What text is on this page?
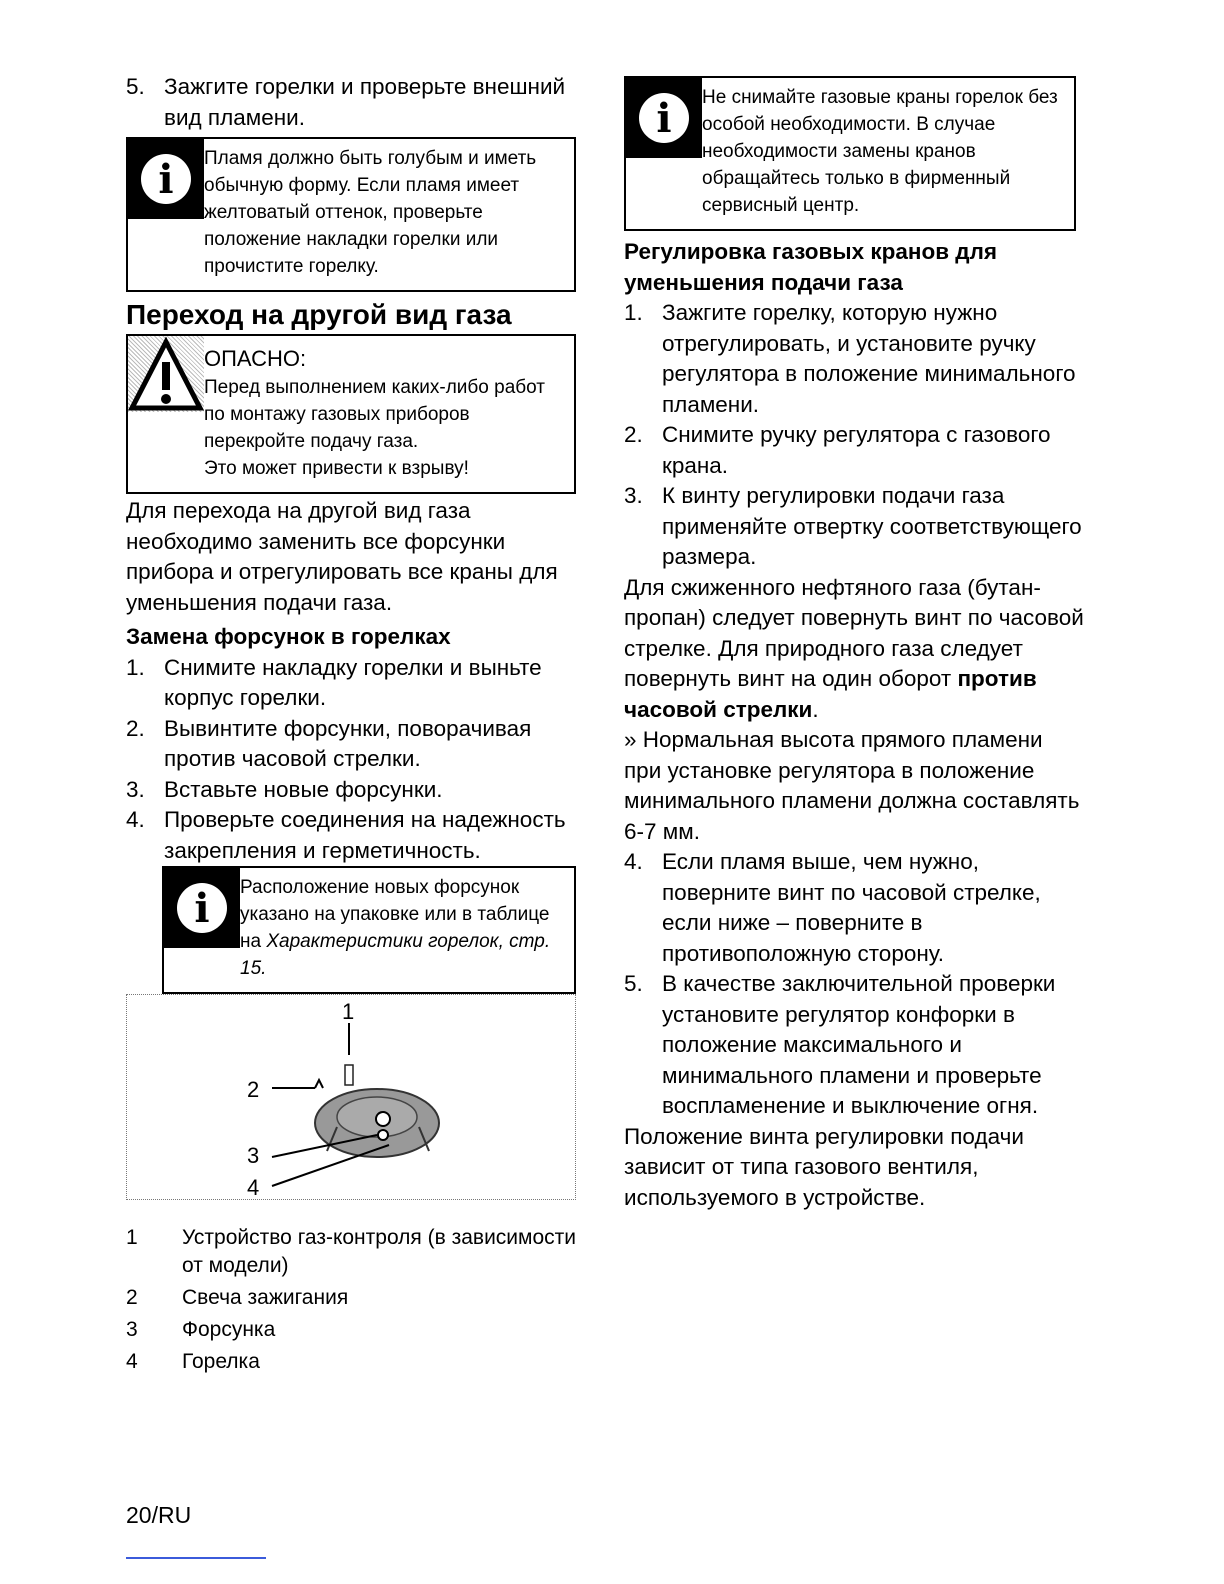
5. Зажгите горелки и проверьте внешний вид пламени.
i	Пламя должно быть голубым и иметь обычную форму. Если пламя имеет желтоватый оттенок, проверьте положение накладки горелки или прочистите горелку.
Переход на другой вид газа
ОПАСНО:
Перед выполнением каких-либо работ по монтажу газовых приборов перекройте подачу газа.
Это может привести к взрыву!

Для перехода на другой вид газа необходимо заменить все форсунки прибора и отрегулировать все краны для уменьшения подачи газа.

Замена форсунок в горелках
1. Снимите накладку горелки и выньте корпус горелки.
2. Вывинтите форсунки, поворачивая против часовой стрелки.
3. Вставьте новые форсунки.
4. Проверьте соединения на надежность закрепления и герметичность.
i	Расположение новых форсунок указано на упаковке или в таблице на Характеристики горелок, стр. 15.
1
2
3
4
1	Устройство газ-контроля (в зависимости от модели)
2	Свеча зажигания
3	Форсунка
4	Горелка
i	Не снимайте газовые краны горелок без особой необходимости. В случае необходимости замены кранов обращайтесь только в фирменный сервисный центр.
Регулировка газовых кранов для уменьшения подачи газа
1. Зажгите горелку, которую нужно отрегулировать, и установите ручку регулятора в положение минимального пламени.
2. Снимите ручку регулятора с газового крана.
3. К винту регулировки подачи газа применяйте отвертку соответствующего размера.

Для сжиженного нефтяного газа (бутан-пропан) следует повернуть винт по часовой стрелке. Для природного газа следует повернуть винт на один оборот против часовой стрелки.

» Нормальная высота прямого пламени при установке регулятора в положение минимального пламени должна составлять 6-7 мм.

4. Если пламя выше, чем нужно, поверните винт по часовой стрелке, если ниже – поверните в противоположную сторону.
5. В качестве заключительной проверки установите регулятор конфорки в положение максимального и минимального пламени и проверьте воспламенение и выключение огня.

Положение винта регулировки подачи зависит от типа газового вентиля, используемого в устройстве.

20/RU
